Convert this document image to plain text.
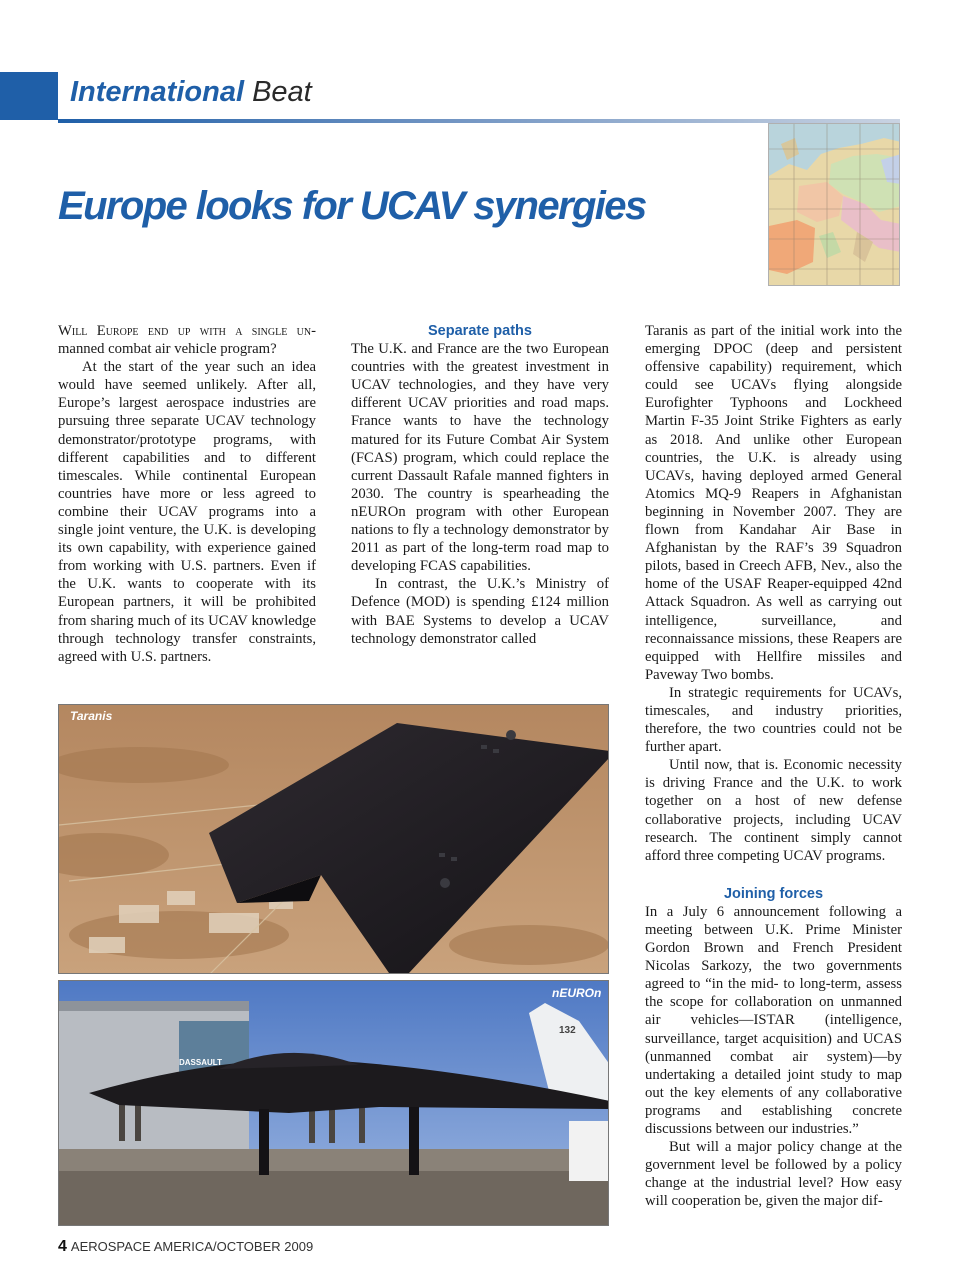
International Beat
Europe looks for UCAV synergies

Will Europe end up with a single un- manned combat air vehicle program?

At the start of the year such an idea would have seemed unlikely. After all, Europe’s largest aerospace industries are pursuing three separate UCAV technology demonstrator/prototype programs, with different capabilities and to different timescales. While continental European countries have more or less agreed to combine their UCAV programs into a single joint venture, the U.K. is developing its own capability, with experience gained from working with U.S. partners. Even if the U.K. wants to cooperate with its European partners, it will be prohibited from sharing much of its UCAV knowledge through technology transfer constraints, agreed with U.S. partners.

Separate paths

The U.K. and France are the two European countries with the greatest investment in UCAV technologies, and they have very different UCAV priorities and road maps. France wants to have the technology matured for its Future Combat Air System (FCAS) program, which could replace the current Dassault Rafale manned fighters in 2030. The country is spearheading the nEUROn program with other European nations to fly a technology demonstrator by 2011 as part of the long-term road map to developing FCAS capabilities.

In contrast, the U.K.’s Ministry of Defence (MOD) is spending £124 million with BAE Systems to develop a UCAV technology demonstrator called

Taranis as part of the initial work into the emerging DPOC (deep and persistent offensive capability) requirement, which could see UCAVs flying alongside Eurofighter Typhoons and Lockheed Martin F-35 Joint Strike Fighters as early as 2018. And unlike other European countries, the U.K. is already using UCAVs, having deployed armed General Atomics MQ-9 Reapers in Afghanistan beginning in November 2007. They are flown from Kandahar Air Base in Afghanistan by the RAF’s 39 Squadron pilots, based in Creech AFB, Nev., also the home of the USAF Reaper-equipped 42nd Attack Squadron. As well as carrying out intelligence, surveillance, and reconnaissance missions, these Reapers are equipped with Hellfire missiles and Paveway Two bombs.

In strategic requirements for UCAVs, timescales, and industry priorities, therefore, the two countries could not be further apart.

Until now, that is. Economic necessity is driving France and the U.K. to work together on a host of new defense collaborative projects, including UCAV research. The continent simply cannot afford three competing UCAV programs.

Joining forces

In a July 6 announcement following a meeting between U.K. Prime Minister Gordon Brown and French President Nicolas Sarkozy, the two governments agreed to “in the mid- to long-term, assess the scope for collaboration on unmanned air vehicles—ISTAR (intelligence, surveillance, target acquisition) and UCAS (unmanned combat air system)—by undertaking a detailed joint study to map out the key elements of any collaborative programs and establishing concrete discussions between our industries.”

But will a major policy change at the government level be followed by a policy change at the industrial level? How easy will cooperation be, given the major dif-

Taranis
DASSAULT
132
nEUROn
4 AEROSPACE AMERICA/OCTOBER 2009
